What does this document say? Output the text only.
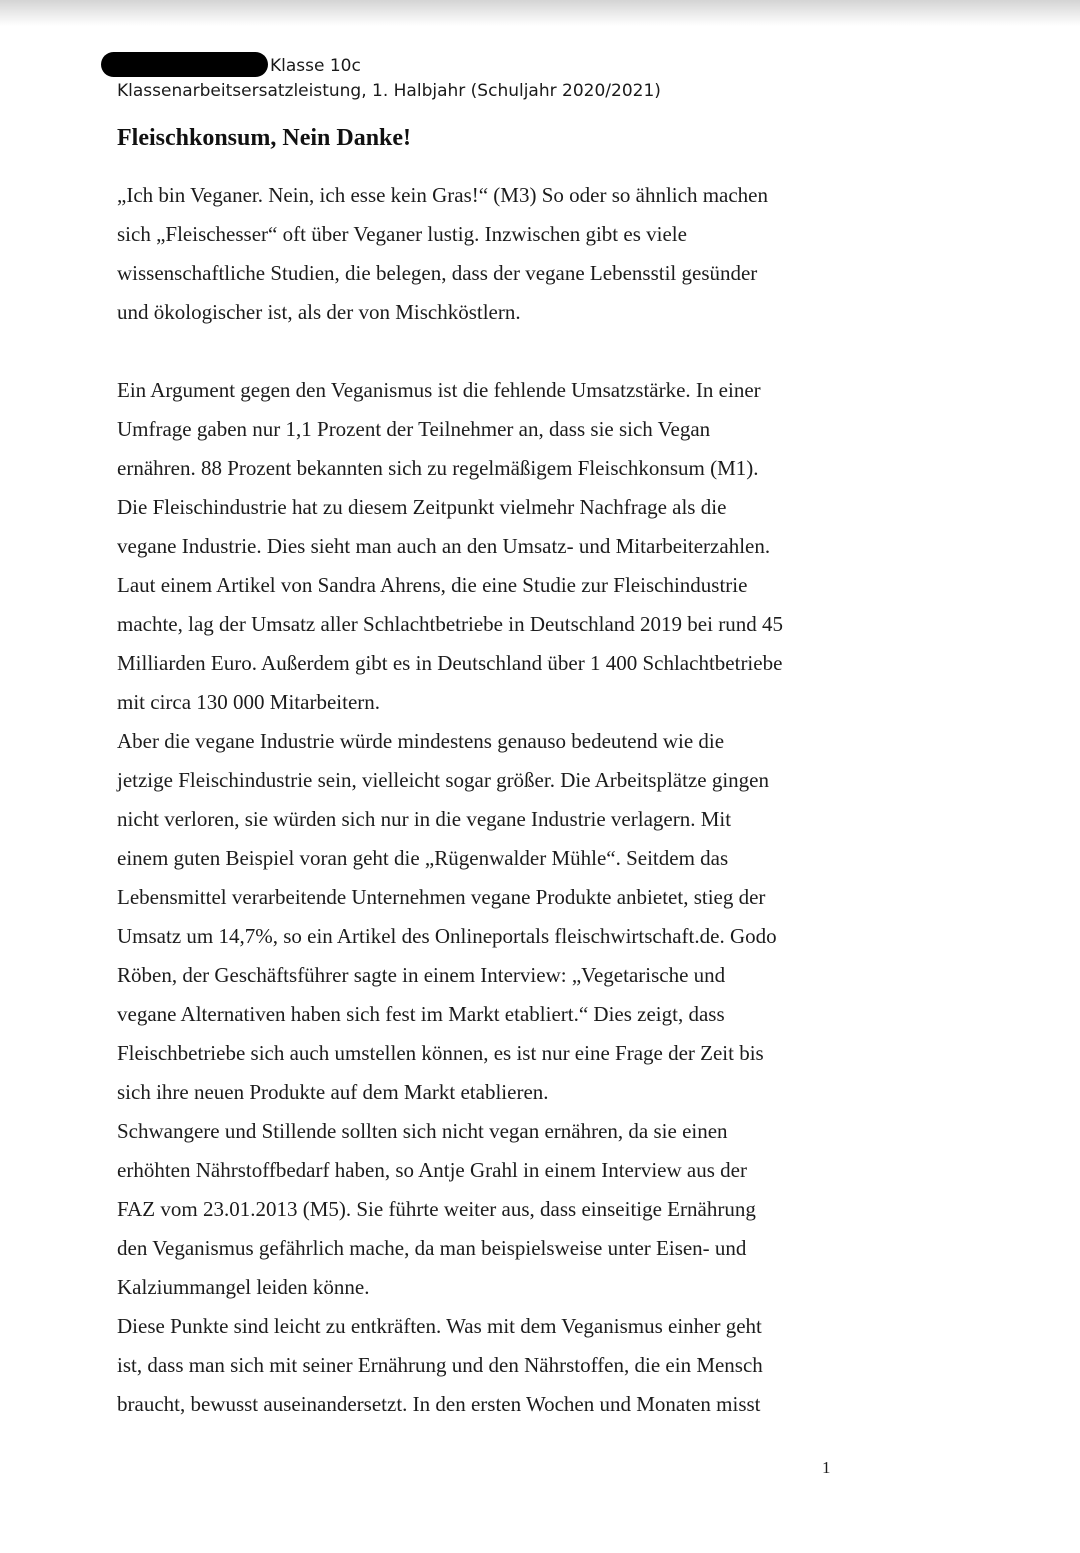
Klasse 10c
Klassenarbeitsersatzleistung, 1. Halbjahr (Schuljahr 2020/2021)
Fleischkonsum, Nein Danke!
„Ich bin Veganer. Nein, ich esse kein Gras!“ (M3) So oder so ähnlich machen
sich „Fleischesser“ oft über Veganer lustig. Inzwischen gibt es viele
wissenschaftliche Studien, die belegen, dass der vegane Lebensstil gesünder
und ökologischer ist, als der von Mischköstlern.
Ein Argument gegen den Veganismus ist die fehlende Umsatzstärke. In einer
Umfrage gaben nur 1,1 Prozent der Teilnehmer an, dass sie sich Vegan
ernähren. 88 Prozent bekannten sich zu regelmäßigem Fleischkonsum (M1).
Die Fleischindustrie hat zu diesem Zeitpunkt vielmehr Nachfrage als die
vegane Industrie. Dies sieht man auch an den Umsatz- und Mitarbeiterzahlen.
Laut einem Artikel von Sandra Ahrens, die eine Studie zur Fleischindustrie
machte, lag der Umsatz aller Schlachtbetriebe in Deutschland 2019 bei rund 45
Milliarden Euro. Außerdem gibt es in Deutschland über 1 400 Schlachtbetriebe
mit circa 130 000 Mitarbeitern.
Aber die vegane Industrie würde mindestens genauso bedeutend wie die
jetzige Fleischindustrie sein, vielleicht sogar größer. Die Arbeitsplätze gingen
nicht verloren, sie würden sich nur in die vegane Industrie verlagern. Mit
einem guten Beispiel voran geht die „Rügenwalder Mühle“. Seitdem das
Lebensmittel verarbeitende Unternehmen vegane Produkte anbietet, stieg der
Umsatz um 14,7%, so ein Artikel des Onlineportals fleischwirtschaft.de. Godo
Röben, der Geschäftsführer sagte in einem Interview: „Vegetarische und
vegane Alternativen haben sich fest im Markt etabliert.“ Dies zeigt, dass
Fleischbetriebe sich auch umstellen können, es ist nur eine Frage der Zeit bis
sich ihre neuen Produkte auf dem Markt etablieren.
Schwangere und Stillende sollten sich nicht vegan ernähren, da sie einen
erhöhten Nährstoffbedarf haben, so Antje Grahl in einem Interview aus der
FAZ vom 23.01.2013 (M5). Sie führte weiter aus, dass einseitige Ernährung
den Veganismus gefährlich mache, da man beispielsweise unter Eisen- und
Kalziummangel leiden könne.
Diese Punkte sind leicht zu entkräften. Was mit dem Veganismus einher geht
ist, dass man sich mit seiner Ernährung und den Nährstoffen, die ein Mensch
braucht, bewusst auseinandersetzt. In den ersten Wochen und Monaten misst
1
